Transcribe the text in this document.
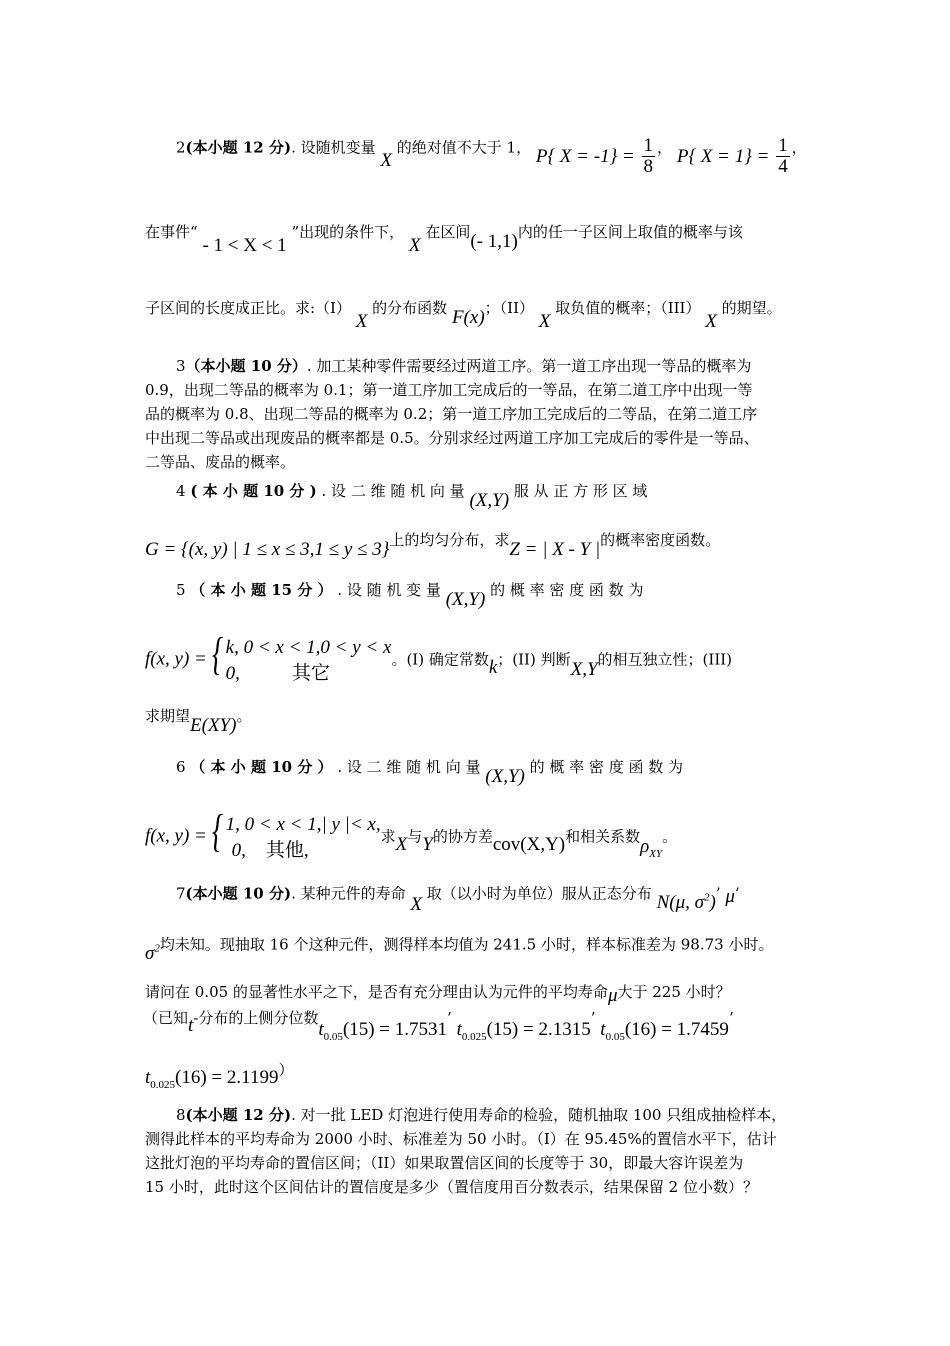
2(本小题 12 分). 设随机变量 X 的绝对值不大于 1， P{ $X = -1\} = \frac{1}{8}$ ， P{ $X = 1\} = \frac{1}{4}$ ，
在事件“ - 1 < X < 1 ”出现的条件下， X 在区间(- 1,1)内的任一子区间上取值的概率与该
子区间的长度成正比。求:（I） X 的分布函数 F(x)；（II） X 取负值的概率；（III） X 的期望。
3（本小题 10 分）. 加工某种零件需要经过两道工序。第一道工序出现一等品的概率为
0.9，出现二等品的概率为 0.1；第一道工序加工完成后的一等品，在第二道工序中出现一等
品的概率为 0.8、出现二等品的概率为 0.2；第一道工序加工完成后的二等品，在第二道工序
中出现二等品或出现废品的概率都是 0.5。分别求经过两道工序加工完成后的零件是一等品、
二等品、废品的概率。
4 ( 本 小 题 10 分 ) . 设 二 维 随 机 向 量 (X,Y) 服 从 正 方 形 区 域
G = {(x, y) | 1 ≤ x ≤ 3,1 ≤ y ≤ 3}上的均匀分布，求Z = | X - Y |的概率密度函数。
5 （ 本 小 题 15 分 ） . 设 随 机 变 量 (X,Y) 的 概 率 密 度 函 数 为
f(x, y) = { k, 0 < x < 1,0 < y < x
0,	其它
。(I) 确定常数k；(II) 判断X,Y的相互独立性；(III)
求期望E(XY)。
6 （ 本 小 题 10 分 ） . 设 二 维 随 机 向 量 (X,Y) 的 概 率 密 度 函 数 为
f(x, y) = { 1, 0 < x < 1,| y |< x,
0, 其他,
求X与Y的协方差cov(X,Y)和相关系数$\rho_{XY}$。
7(本小题 10 分). 某种元件的寿命 X 取（以小时为单位）服从正态分布 N(μ, $\sigma^2$)’ μ’
$\sigma^2$均未知。现抽取 16 个这种元件，测得样本均值为 241.5 小时，样本标准差为 98.73 小时。
请问在 0.05 的显著性水平之下，是否有充分理由认为元件的平均寿命μ大于 225 小时？
（已知t-分布的上侧分位数$t_{0.05}(15) = 1.7531$’ $t_{0.025}(15) = 2.1315$’ $t_{0.05}(16) = 1.7459$’
$t_{0.025}(16) = 2.1199$）
8(本小题 12 分). 对一批 LED 灯泡进行使用寿命的检验，随机抽取 100 只组成抽检样本，
测得此样本的平均寿命为 2000 小时、标准差为 50 小时。（I）在 95.45%的置信水平下，估计
这批灯泡的平均寿命的置信区间；（II）如果取置信区间的长度等于 30，即最大容许误差为
15 小时，此时这个区间估计的置信度是多少（置信度用百分数表示，结果保留 2 位小数）？
